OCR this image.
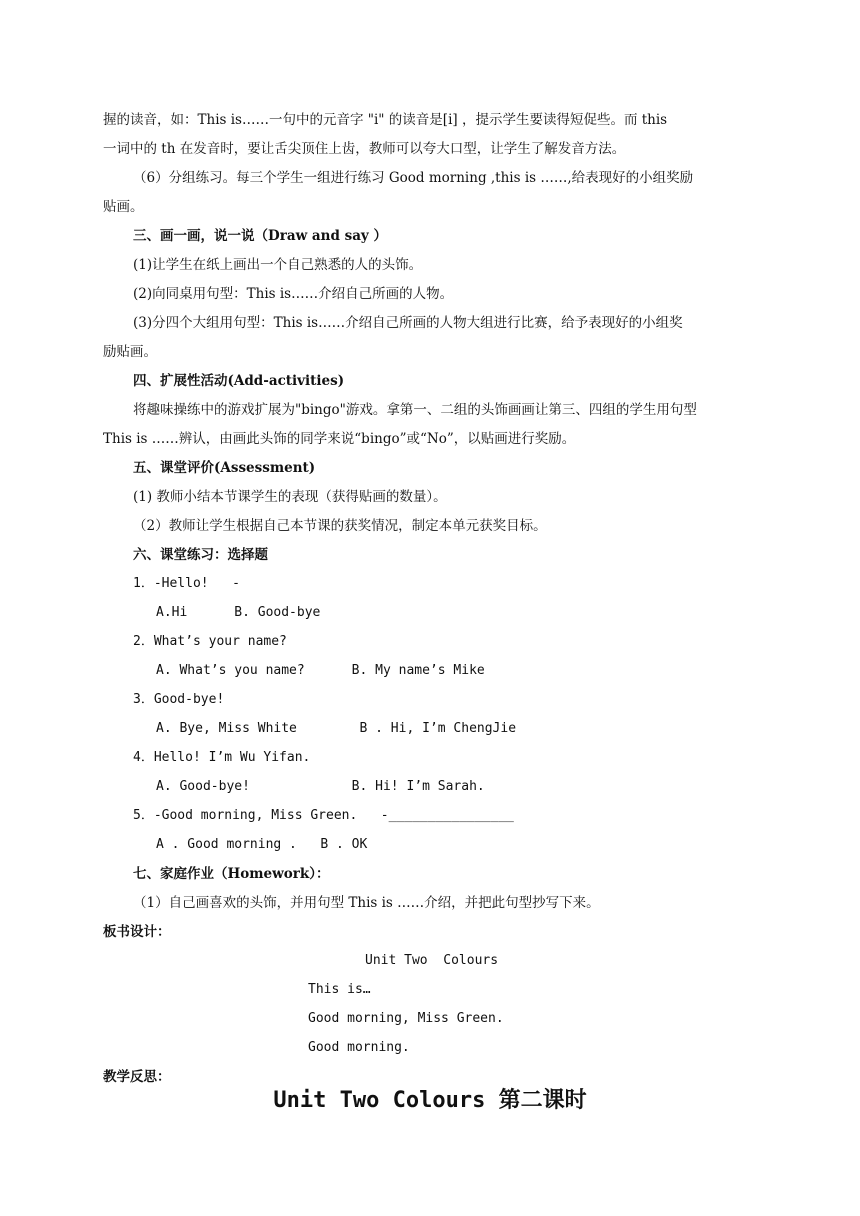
握的读音，如：This is……一句中的元音字 "i" 的读音是[i] ，提示学生要读得短促些。而 this
一词中的 th 在发音时，要让舌尖顶住上齿，教师可以夸大口型，让学生了解发音方法。
（6）分组练习。每三个学生一组进行练习 Good morning ,this is ……,给表现好的小组奖励
贴画。
三、画一画，说一说（Draw and say ）
(1)让学生在纸上画出一个自己熟悉的人的头饰。
(2)向同桌用句型：This is……介绍自己所画的人物。
(3)分四个大组用句型：This is……介绍自己所画的人物大组进行比赛，给予表现好的小组奖
励贴画。
四、扩展性活动(Add-activities)
将趣味操练中的游戏扩展为"bingo"游戏。拿第一、二组的头饰画画让第三、四组的学生用句型
This is ……辨认，由画此头饰的同学来说“bingo”或“No”，以贴画进行奖励。
五、课堂评价(Assessment)
(1) 教师小结本节课学生的表现（获得贴画的数量）。
（2）教师让学生根据自己本节课的获奖情况，制定本单元获奖目标。
六、课堂练习：选择题
1．-Hello!   -
A.Hi      B. Good-bye
2．What’s your name?
A. What’s you name?      B. My name’s Mike
3．Good-bye!
A. Bye, Miss White        B . Hi, I’m ChengJie
4．Hello! I’m Wu Yifan.
A. Good-bye!             B. Hi! I’m Sarah.
5．-Good morning, Miss Green.   -________________
A . Good morning .   B . OK
七、家庭作业（Homework）：
（1）自己画喜欢的头饰，并用句型 This is ……介绍，并把此句型抄写下来。
板书设计：
Unit Two  Colours
This is…
Good morning, Miss Green.
Good morning.
教学反思：
Unit Two Colours 第二课时
